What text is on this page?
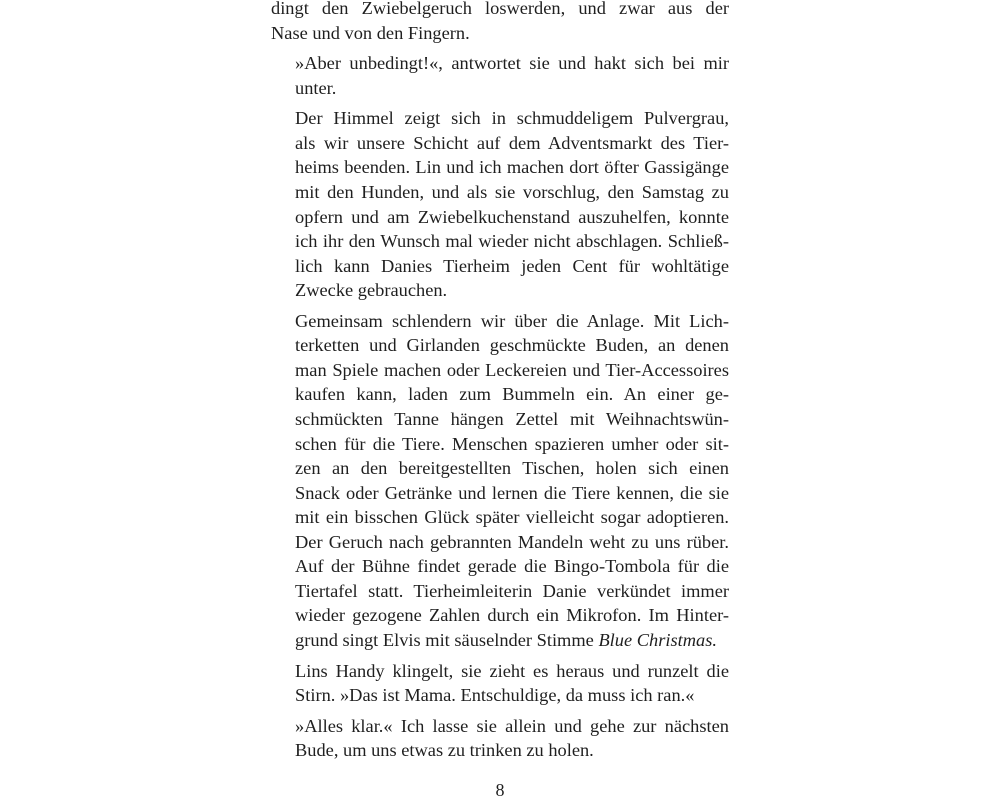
dingt den Zwiebelgeruch loswerden, und zwar aus der
Nase und von den Fingern.

»Aber unbedingt!«, antwortet sie und hakt sich bei mir
unter.

Der Himmel zeigt sich in schmuddeligem Pulvergrau,
als wir unsere Schicht auf dem Adventsmarkt des Tier-
heims beenden. Lin und ich machen dort öfter Gassigänge
mit den Hunden, und als sie vorschlug, den Samstag zu
opfern und am Zwiebelkuchenstand auszuhelfen, konnte
ich ihr den Wunsch mal wieder nicht abschlagen. Schließ-
lich kann Danies Tierheim jeden Cent für wohltätige
Zwecke gebrauchen.

Gemeinsam schlendern wir über die Anlage. Mit Lich-
terketten und Girlanden geschmückte Buden, an denen
man Spiele machen oder Leckereien und Tier-Accessoires
kaufen kann, laden zum Bummeln ein. An einer ge-
schmückten Tanne hängen Zettel mit Weihnachtswün-
schen für die Tiere. Menschen spazieren umher oder sit-
zen an den bereitgestellten Tischen, holen sich einen
Snack oder Getränke und lernen die Tiere kennen, die sie
mit ein bisschen Glück später vielleicht sogar adoptieren.
Der Geruch nach gebrannten Mandeln weht zu uns rüber.
Auf der Bühne findet gerade die Bingo-Tombola für die
Tiertafel statt. Tierheimleiterin Danie verkündet immer
wieder gezogene Zahlen durch ein Mikrofon. Im Hinter-
grund singt Elvis mit säuselnder Stimme Blue Christmas.

Lins Handy klingelt, sie zieht es heraus und runzelt die
Stirn. »Das ist Mama. Entschuldige, da muss ich ran.«

»Alles klar.« Ich lasse sie allein und gehe zur nächsten
Bude, um uns etwas zu trinken zu holen.

8
